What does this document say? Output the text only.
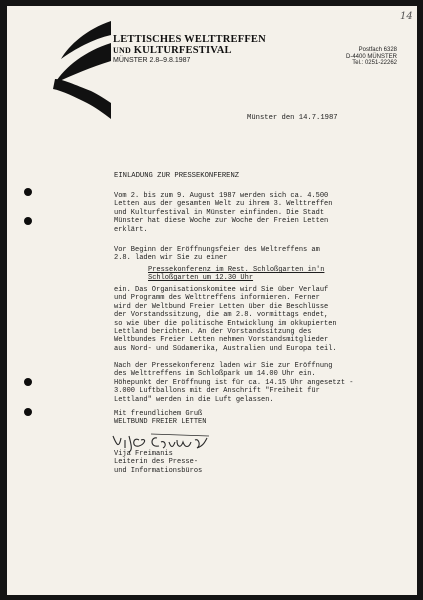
14
LETTISCHES WELTTREFFEN
UND KULTURFESTIVAL
MÜNSTER 2.8–9.8.1987
Postfach 6328
D-4400 MÜNSTER
Tel.: 0251-22262
Münster den 14.7.1987
EINLADUNG ZUR PRESSEKONFERENZ
Vom 2. bis zum 9. August 1987 werden sich ca. 4.500
Letten aus der gesamten Welt zu ihrem 3. Welttreffen
und Kulturfestival in Münster einfinden. Die Stadt
Münster hat diese Woche zur Woche der Freien Letten
erklärt.
Vor Beginn der Eröffnungsfeier des Weltreffens am
2.8. laden wir Sie zu einer
Pressekonferenz im Rest. Schloßgarten in'n
Schloßgarten um 12.30 Uhr
ein. Das Organisationskomitee wird Sie über Verlauf
und Programm des Welttreffens informieren. Ferner
wird der Weltbund Freier Letten über die Beschlüsse
der Vorstandssitzung, die am 2.8. vormittags endet,
so wie über die politische Entwicklung im okkupierten
Lettland berichten. An der Vorstandssitzung des
Weltbundes Freier Letten nehmen Vorstandsmitglieder
aus Nord- und Südamerika, Australien und Europa teil.
Nach der Pressekonferenz laden wir Sie zur Eröffnung
des Welttreffens im Schloßpark um 14.00 Uhr ein.
Höhepunkt der Eröffnung ist für ca. 14.15 Uhr angesetzt -
3.000 Luftballons mit der Anschrift "Freiheit für
Lettland" werden in die Luft gelassen.
Mit freundlichem Gruß
WELTBUND FREIER LETTEN
Vija Freimanis
Leiterin des Presse-
und Informationsbüros
